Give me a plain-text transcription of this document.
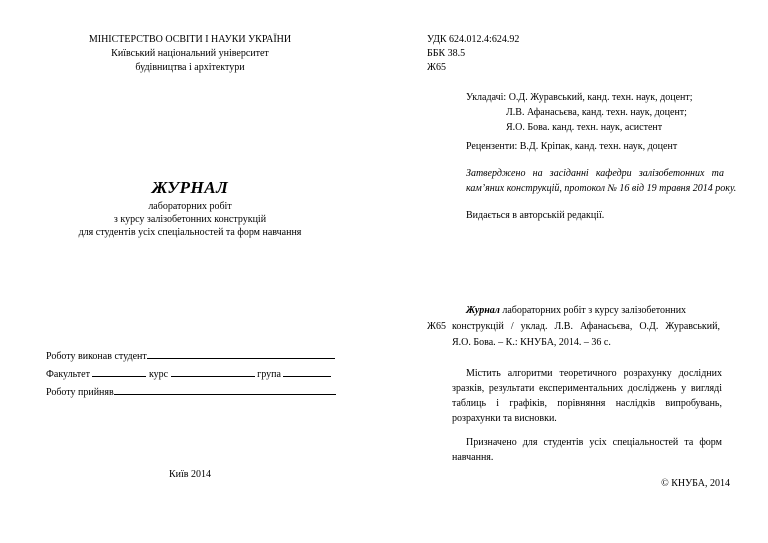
МІНІСТЕРСТВО ОСВІТИ І НАУКИ УКРАЇНИ
Київський національний університет
будівництва і архітектури
ЖУРНАЛ
лабораторних робіт
з курсу залізобетонних конструкцій
для студентів усіх спеціальностей та форм навчання
Роботу виконав студент
Факультет	курс	група
Роботу прийняв
Київ 2014
УДК 624.012.4:624.92
ББК 38.5
Ж65
Укладачі: О.Д. Журавський, канд. техн. наук, доцент;
Л.В. Афанасьєва, канд. техн. наук, доцент;
Я.О. Бова. канд. техн. наук, асистент
Рецензенти: В.Д. Кріпак, канд. техн. наук, доцент
Затверджено на засіданні кафедри залізобетонних та
кам’яних конструкцій, протокол № 16 від 19 травня 2014 року.
Видається в авторській редакції.
Журнал лабораторних робіт з курсу залізобетонних
Ж65 конструкцій / уклад. Л.В. Афанасьєва, О.Д. Журавський,
Я.О. Бова. – К.: КНУБА, 2014. – 36 с.
Містить алгоритми теоретичного розрахунку дослідних
зразків, результати експериментальних досліджень у вигляді
таблиць і графіків, порівняння наслідків випробувань,
розрахунки та висновки.
Призначено для студентів усіх спеціальностей та форм
навчання.
© КНУБА, 2014
